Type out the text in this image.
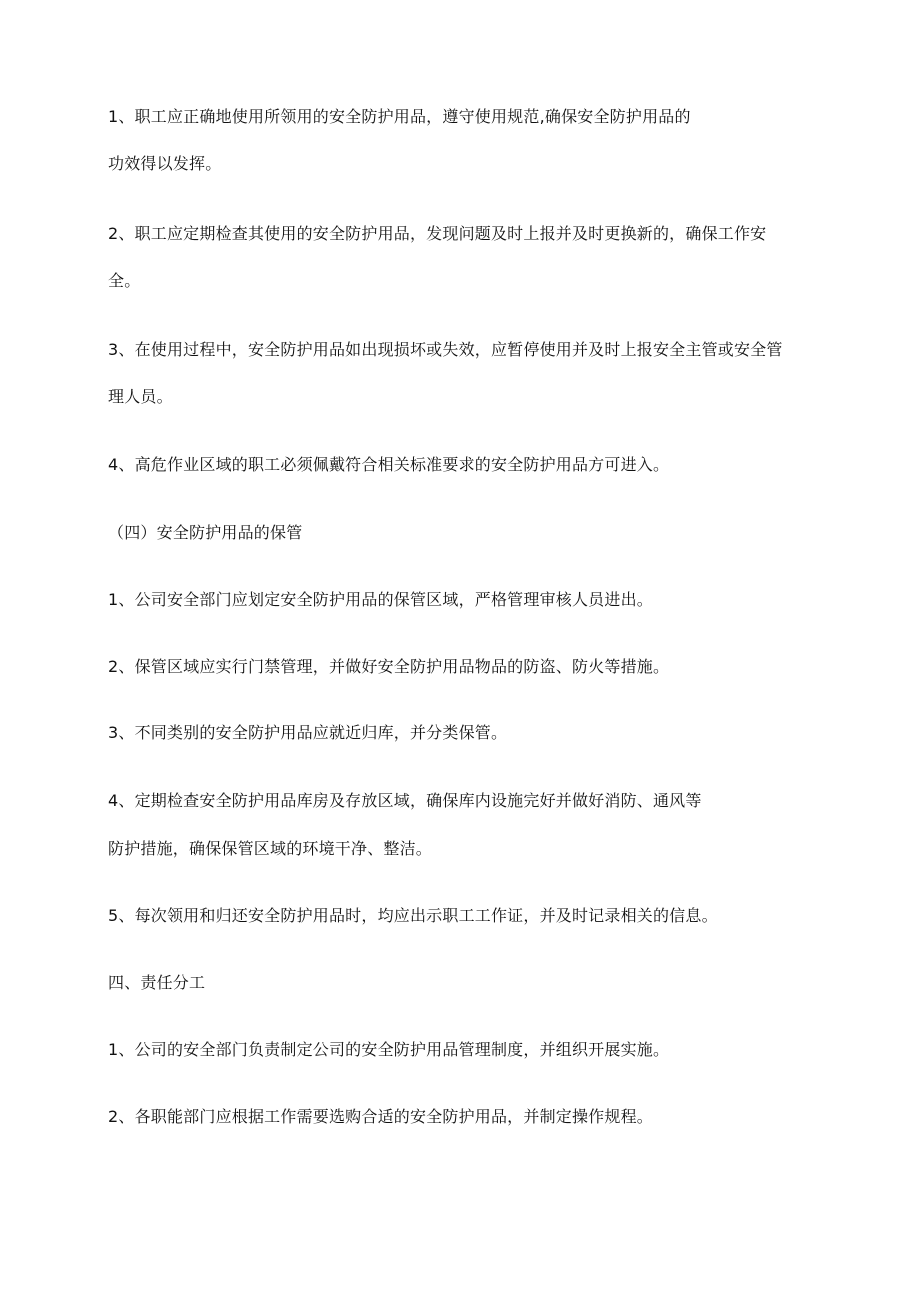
1、职工应正确地使用所领用的安全防护用品，遵守使用规范,确保安全防护用品的
功效得以发挥。
2、职工应定期检查其使用的安全防护用品，发现问题及时上报并及时更换新的，确保工作安
全。
3、在使用过程中，安全防护用品如出现损坏或失效，应暂停使用并及时上报安全主管或安全管
理人员。
4、高危作业区域的职工必须佩戴符合相关标准要求的安全防护用品方可进入。
（四）安全防护用品的保管
1、公司安全部门应划定安全防护用品的保管区域，严格管理审核人员进出。
2、保管区域应实行门禁管理，并做好安全防护用品物品的防盗、防火等措施。
3、不同类别的安全防护用品应就近归库，并分类保管。
4、定期检查安全防护用品库房及存放区域，确保库内设施完好并做好消防、通风等
防护措施，确保保管区域的环境干净、整洁。
5、每次领用和归还安全防护用品时，均应出示职工工作证，并及时记录相关的信息。
四、责任分工
1、公司的安全部门负责制定公司的安全防护用品管理制度，并组织开展实施。
2、各职能部门应根据工作需要选购合适的安全防护用品，并制定操作规程。
